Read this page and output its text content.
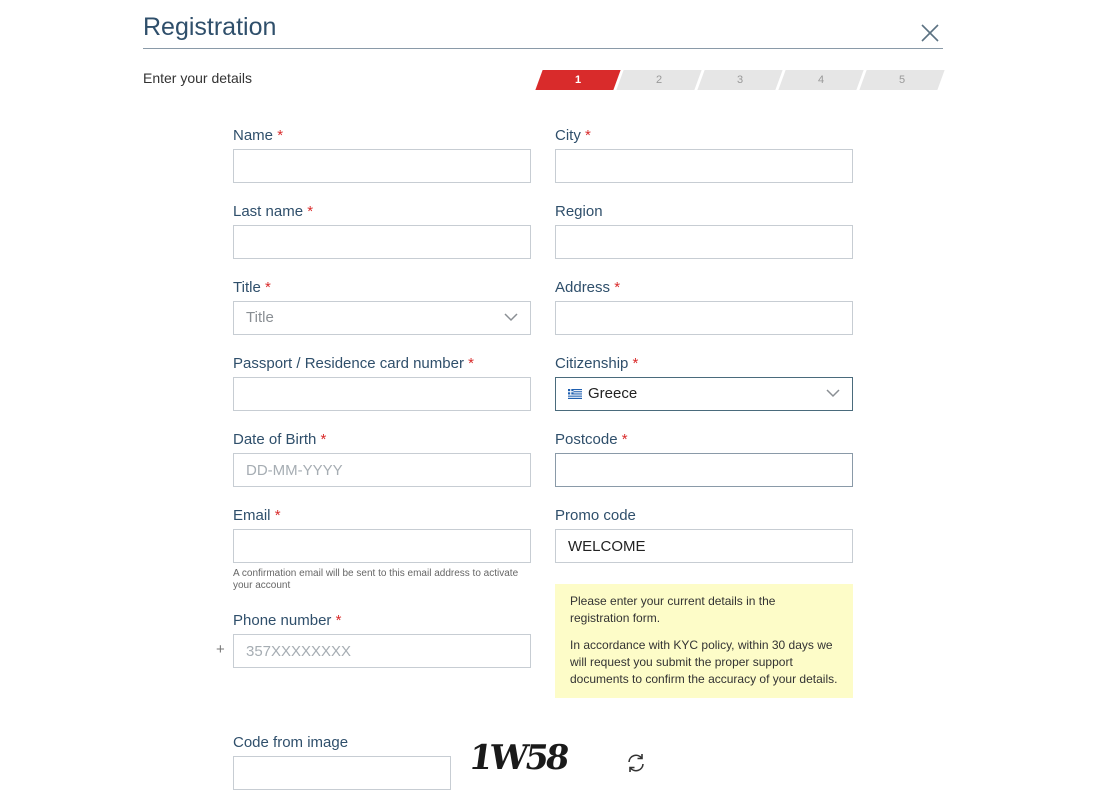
Registration
Enter your details	1	2	3	4	5
Name *
Last name *
Title *
Title
Passport / Residence card number *
Date of Birth *
DD-MM-YYYY
Email *
A confirmation email will be sent to this email address to activate your account
Phone number *
+
357XXXXXXXX
Code from image	1W58
City *
Region
Address *
Citizenship *
Greece
Postcode *
Promo code
WELCOME

Please enter your current details in the registration form.

In accordance with KYC policy, within 30 days we will request you submit the proper support documents to confirm the accuracy of your details.
